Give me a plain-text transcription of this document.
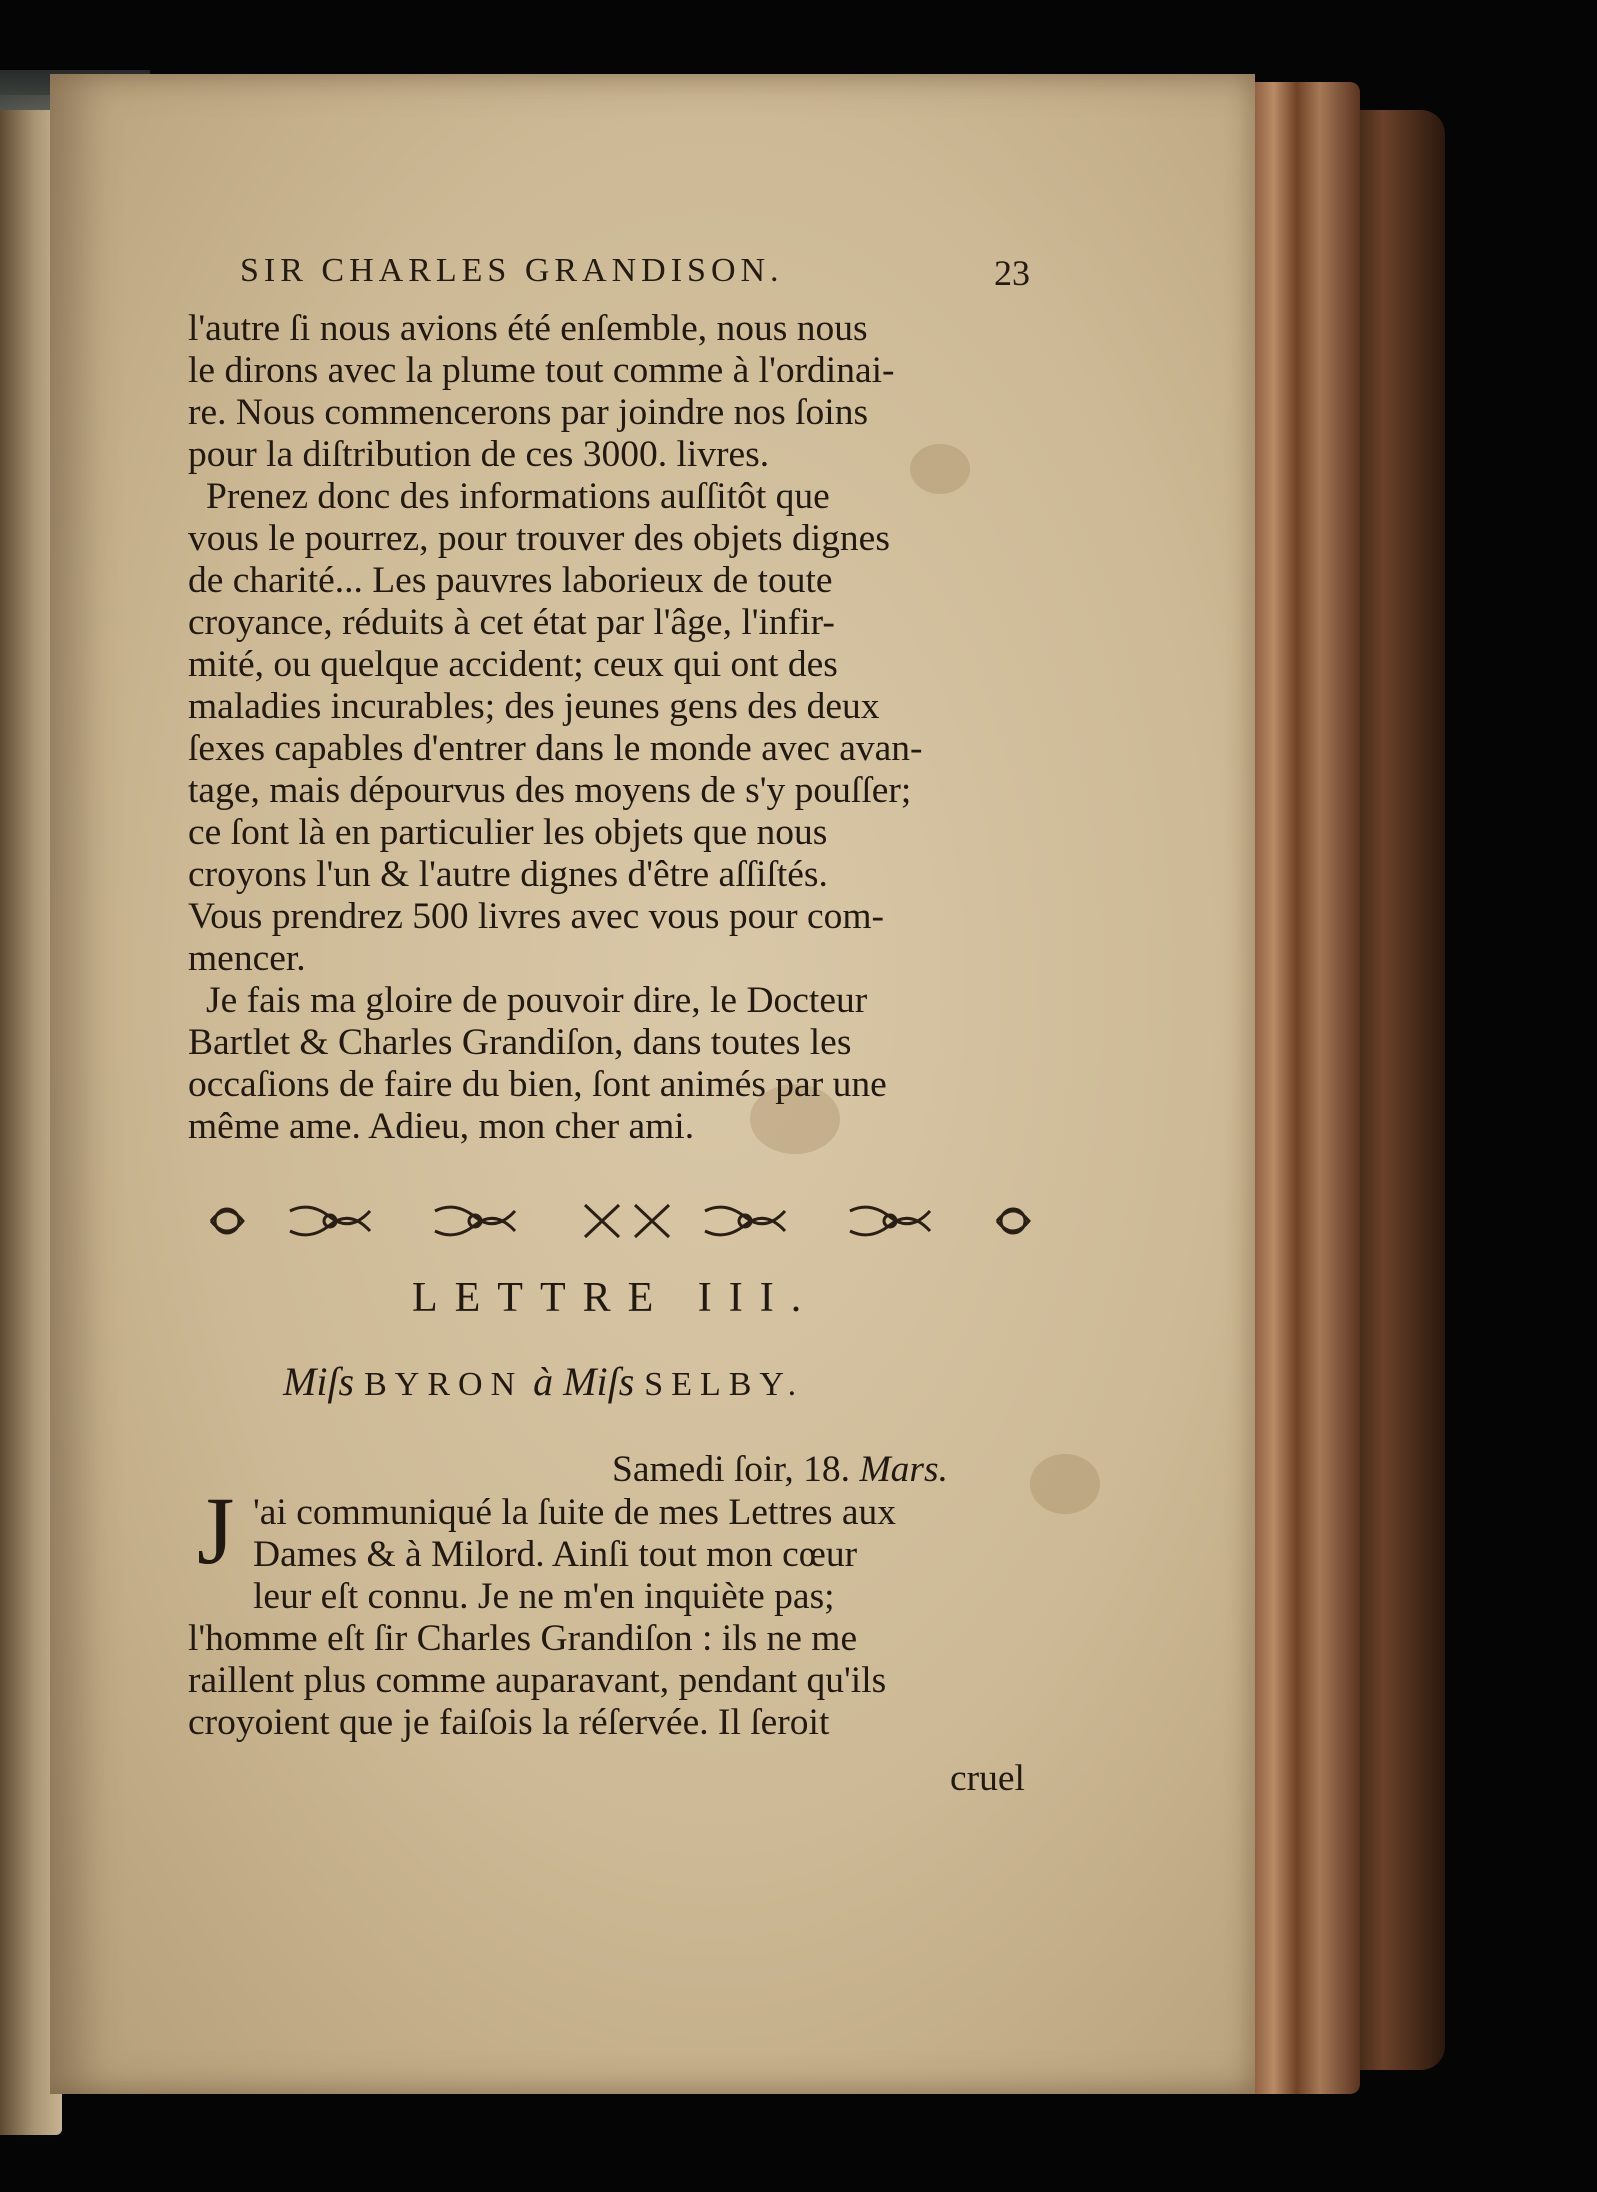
SIR CHARLES GRANDISON.	23
l'autre ſi nous avions été enſemble, nous nous
le dirons avec la plume tout comme à l'ordinai-
re. Nous commencerons par joindre nos ſoins
pour la diſtribution de ces 3000. livres.
Prenez donc des informations auſſitôt que
vous le pourrez, pour trouver des objets dignes
de charité... Les pauvres laborieux de toute
croyance, réduits à cet état par l'âge, l'infir-
mité, ou quelque accident; ceux qui ont des
maladies incurables; des jeunes gens des deux
ſexes capables d'entrer dans le monde avec avan-
tage, mais dépourvus des moyens de s'y pouſſer;
ce ſont là en particulier les objets que nous
croyons l'un & l'autre dignes d'être aſſiſtés.
Vous prendrez 500 livres avec vous pour com-
mencer.
Je fais ma gloire de pouvoir dire, le Docteur
Bartlet & Charles Grandiſon, dans toutes les
occaſions de faire du bien, ſont animés par une
même ame. Adieu, mon cher ami.
LETTRE III.
Miſs BYRON à Miſs SELBY.
Samedi ſoir, 18. Mars.
J 'ai communiqué la ſuite de mes Lettres aux
Dames & à Milord. Ainſi tout mon cœur
leur eſt connu. Je ne m'en inquiète pas;
l'homme eſt ſir Charles Grandiſon : ils ne me
raillent plus comme auparavant, pendant qu'ils
croyoient que je faiſois la réſervée. Il ſeroit
cruel
